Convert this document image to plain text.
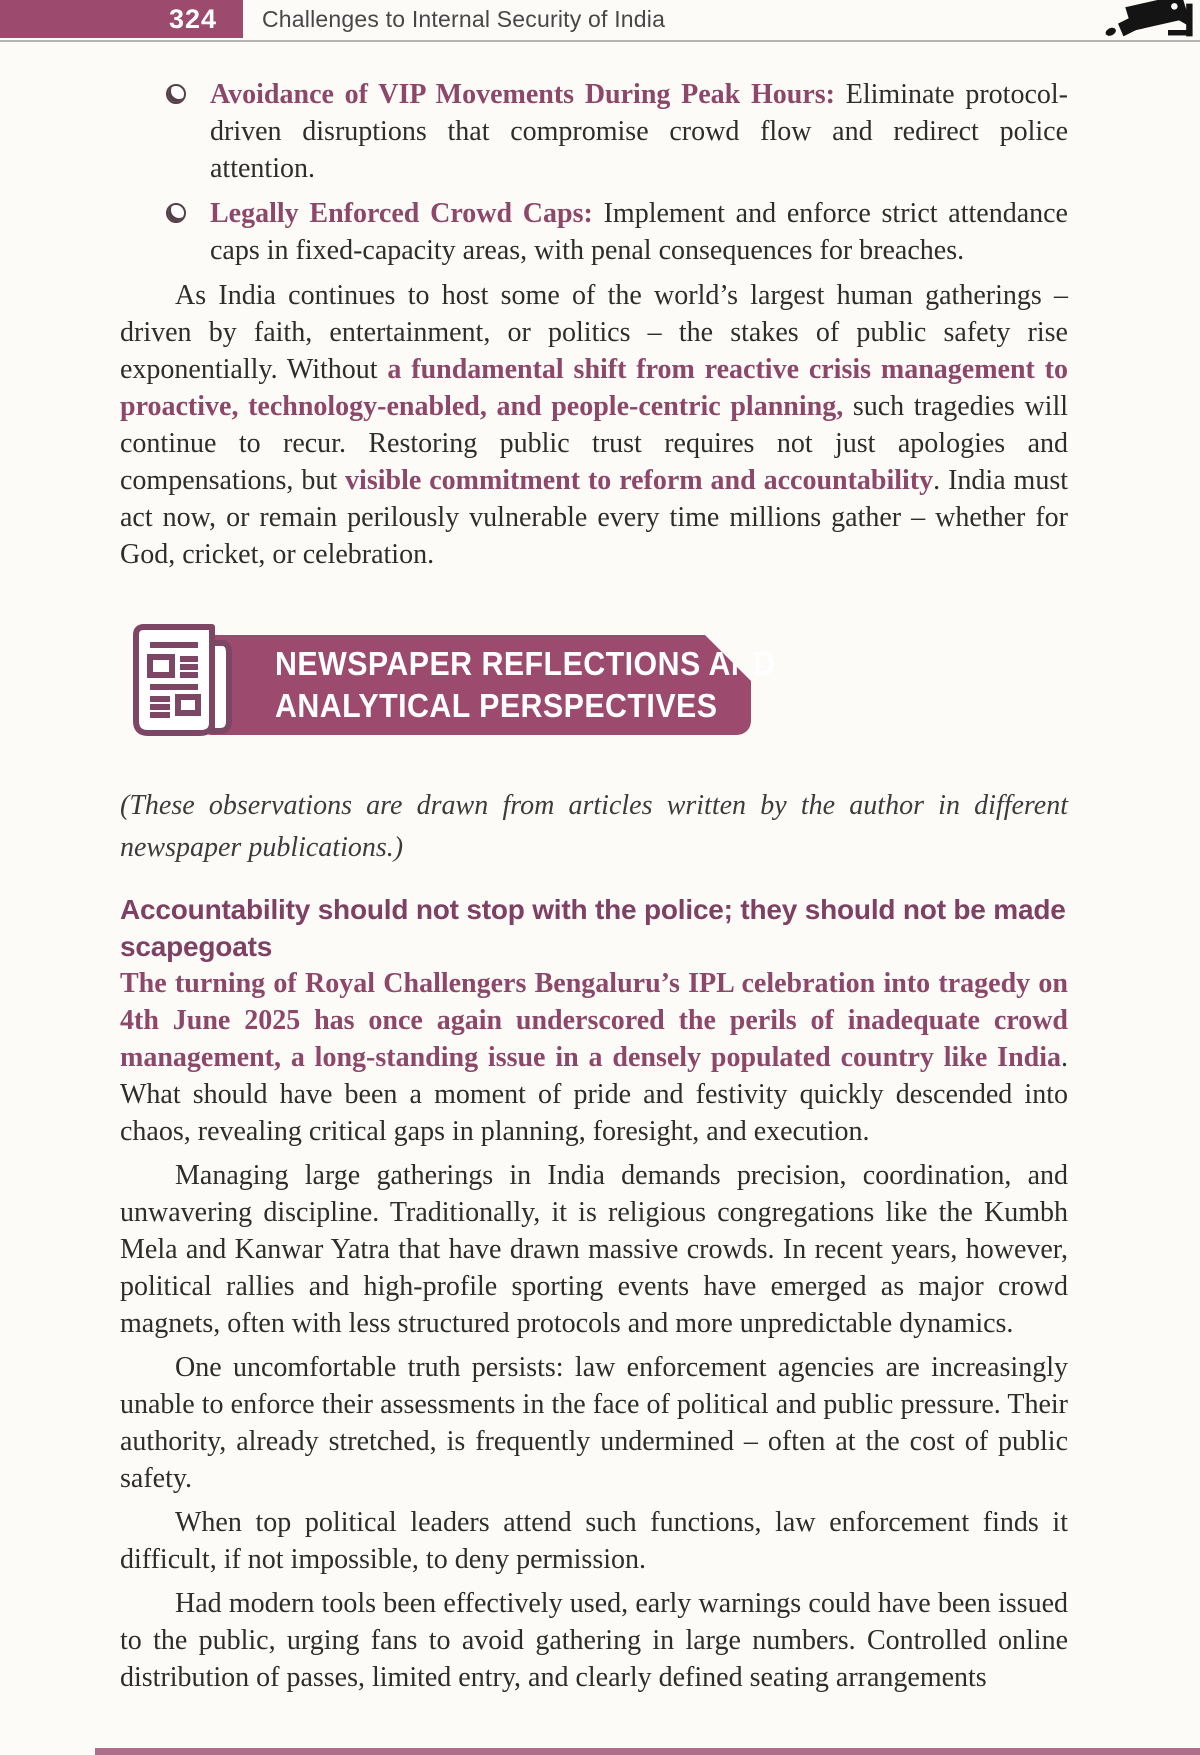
324 Challenges to Internal Security of India
Avoidance of VIP Movements During Peak Hours: Eliminate protocol-driven disruptions that compromise crowd flow and redirect police attention.
Legally Enforced Crowd Caps: Implement and enforce strict attendance caps in fixed-capacity areas, with penal consequences for breaches.

As India continues to host some of the world’s largest human gatherings – driven by faith, entertainment, or politics – the stakes of public safety rise exponentially. Without a fundamental shift from reactive crisis management to proactive, technology-enabled, and people-centric planning, such tragedies will continue to recur. Restoring public trust requires not just apologies and compensations, but visible commitment to reform and accountability. India must act now, or remain perilously vulnerable every time millions gather – whether for God, cricket, or celebration.

NEWSPAPER REFLECTIONS AND
ANALYTICAL PERSPECTIVES

(These observations are drawn from articles written by the author in different newspaper publications.)

Accountability should not stop with the police; they should not be made scapegoats

The turning of Royal Challengers Bengaluru’s IPL celebration into tragedy on 4th June 2025 has once again underscored the perils of inadequate crowd management, a long-standing issue in a densely populated country like India. What should have been a moment of pride and festivity quickly descended into chaos, revealing critical gaps in planning, foresight, and execution.

Managing large gatherings in India demands precision, coordination, and unwavering discipline. Traditionally, it is religious congregations like the Kumbh Mela and Kanwar Yatra that have drawn massive crowds. In recent years, however, political rallies and high-profile sporting events have emerged as major crowd magnets, often with less structured protocols and more unpredictable dynamics.

One uncomfortable truth persists: law enforcement agencies are increasingly unable to enforce their assessments in the face of political and public pressure. Their authority, already stretched, is frequently undermined – often at the cost of public safety.

When top political leaders attend such functions, law enforcement finds it difficult, if not impossible, to deny permission.

Had modern tools been effectively used, early warnings could have been issued to the public, urging fans to avoid gathering in large numbers. Controlled online distribution of passes, limited entry, and clearly defined seating arrangements
